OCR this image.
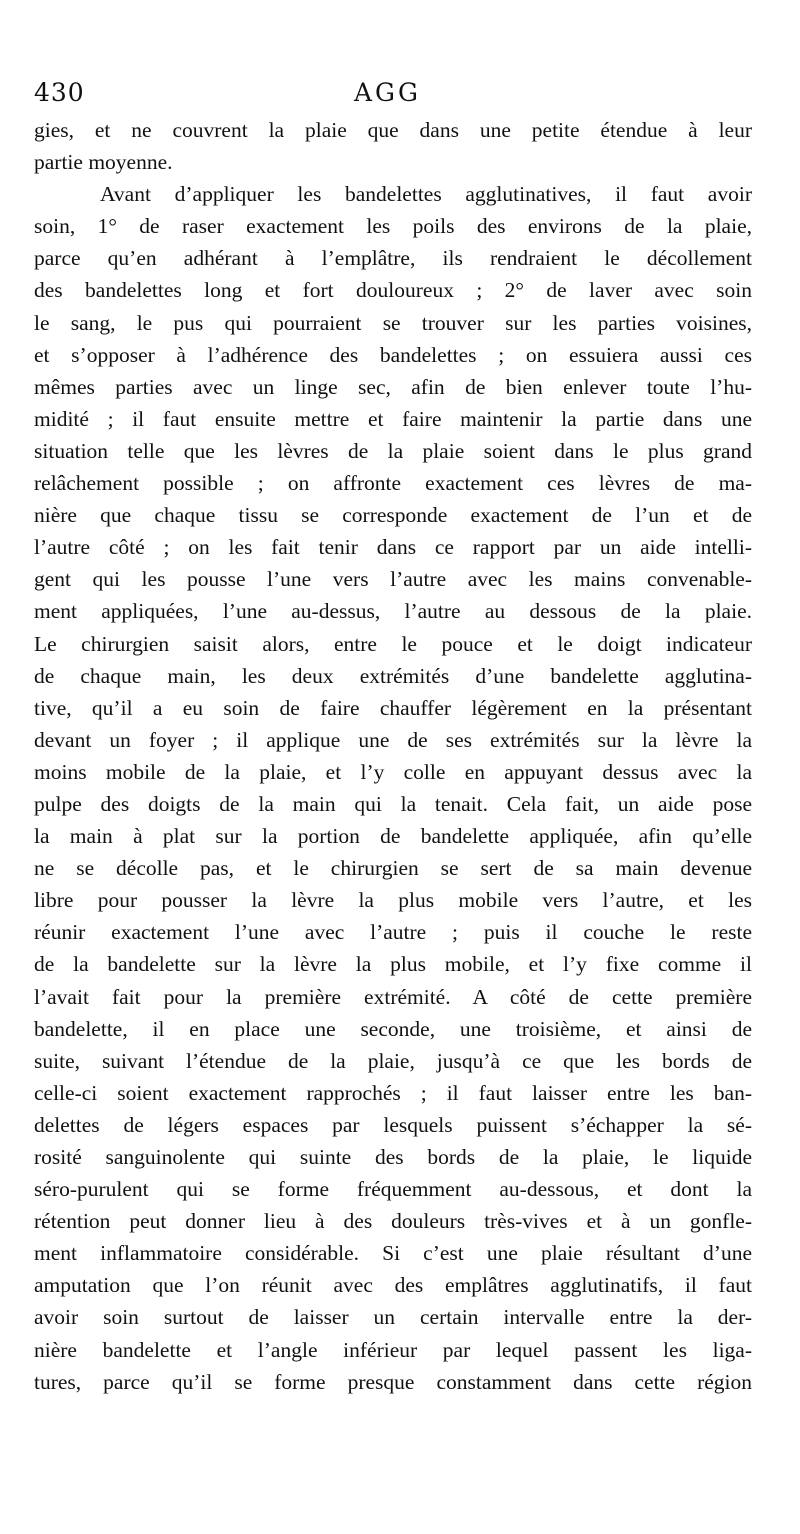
430	AGG
gies, et ne couvrent la plaie que dans une petite étendue à leur
partie moyenne.
Avant d’appliquer les bandelettes agglutinatives, il faut avoir
soin, 1° de raser exactement les poils des environs de la plaie,
parce qu’en adhérant à l’emplâtre, ils rendraient le décollement
des bandelettes long et fort douloureux ; 2° de laver avec soin
le sang, le pus qui pourraient se trouver sur les parties voisines,
et s’opposer à l’adhérence des bandelettes ; on essuiera aussi ces
mêmes parties avec un linge sec, afin de bien enlever toute l’hu-
midité ; il faut ensuite mettre et faire maintenir la partie dans une
situation telle que les lèvres de la plaie soient dans le plus grand
relâchement possible ; on affronte exactement ces lèvres de ma-
nière que chaque tissu se corresponde exactement de l’un et de
l’autre côté ; on les fait tenir dans ce rapport par un aide intelli-
gent qui les pousse l’une vers l’autre avec les mains convenable-
ment appliquées, l’une au-dessus, l’autre au dessous de la plaie.
Le chirurgien saisit alors, entre le pouce et le doigt indicateur
de chaque main, les deux extrémités d’une bandelette agglutina-
tive, qu’il a eu soin de faire chauffer légèrement en la présentant
devant un foyer ; il applique une de ses extrémités sur la lèvre la
moins mobile de la plaie, et l’y colle en appuyant dessus avec la
pulpe des doigts de la main qui la tenait. Cela fait, un aide pose
la main à plat sur la portion de bandelette appliquée, afin qu’elle
ne se décolle pas, et le chirurgien se sert de sa main devenue
libre pour pousser la lèvre la plus mobile vers l’autre, et les
réunir exactement l’une avec l’autre ; puis il couche le reste
de la bandelette sur la lèvre la plus mobile, et l’y fixe comme il
l’avait fait pour la première extrémité. A côté de cette première
bandelette, il en place une seconde, une troisième, et ainsi de
suite, suivant l’étendue de la plaie, jusqu’à ce que les bords de
celle-ci soient exactement rapprochés ; il faut laisser entre les ban-
delettes de légers espaces par lesquels puissent s’échapper la sé-
rosité sanguinolente qui suinte des bords de la plaie, le liquide
séro-purulent qui se forme fréquemment au-dessous, et dont la
rétention peut donner lieu à des douleurs très-vives et à un gonfle-
ment inflammatoire considérable. Si c’est une plaie résultant d’une
amputation que l’on réunit avec des emplâtres agglutinatifs, il faut
avoir soin surtout de laisser un certain intervalle entre la der-
nière bandelette et l’angle inférieur par lequel passent les liga-
tures, parce qu’il se forme presque constamment dans cette région
